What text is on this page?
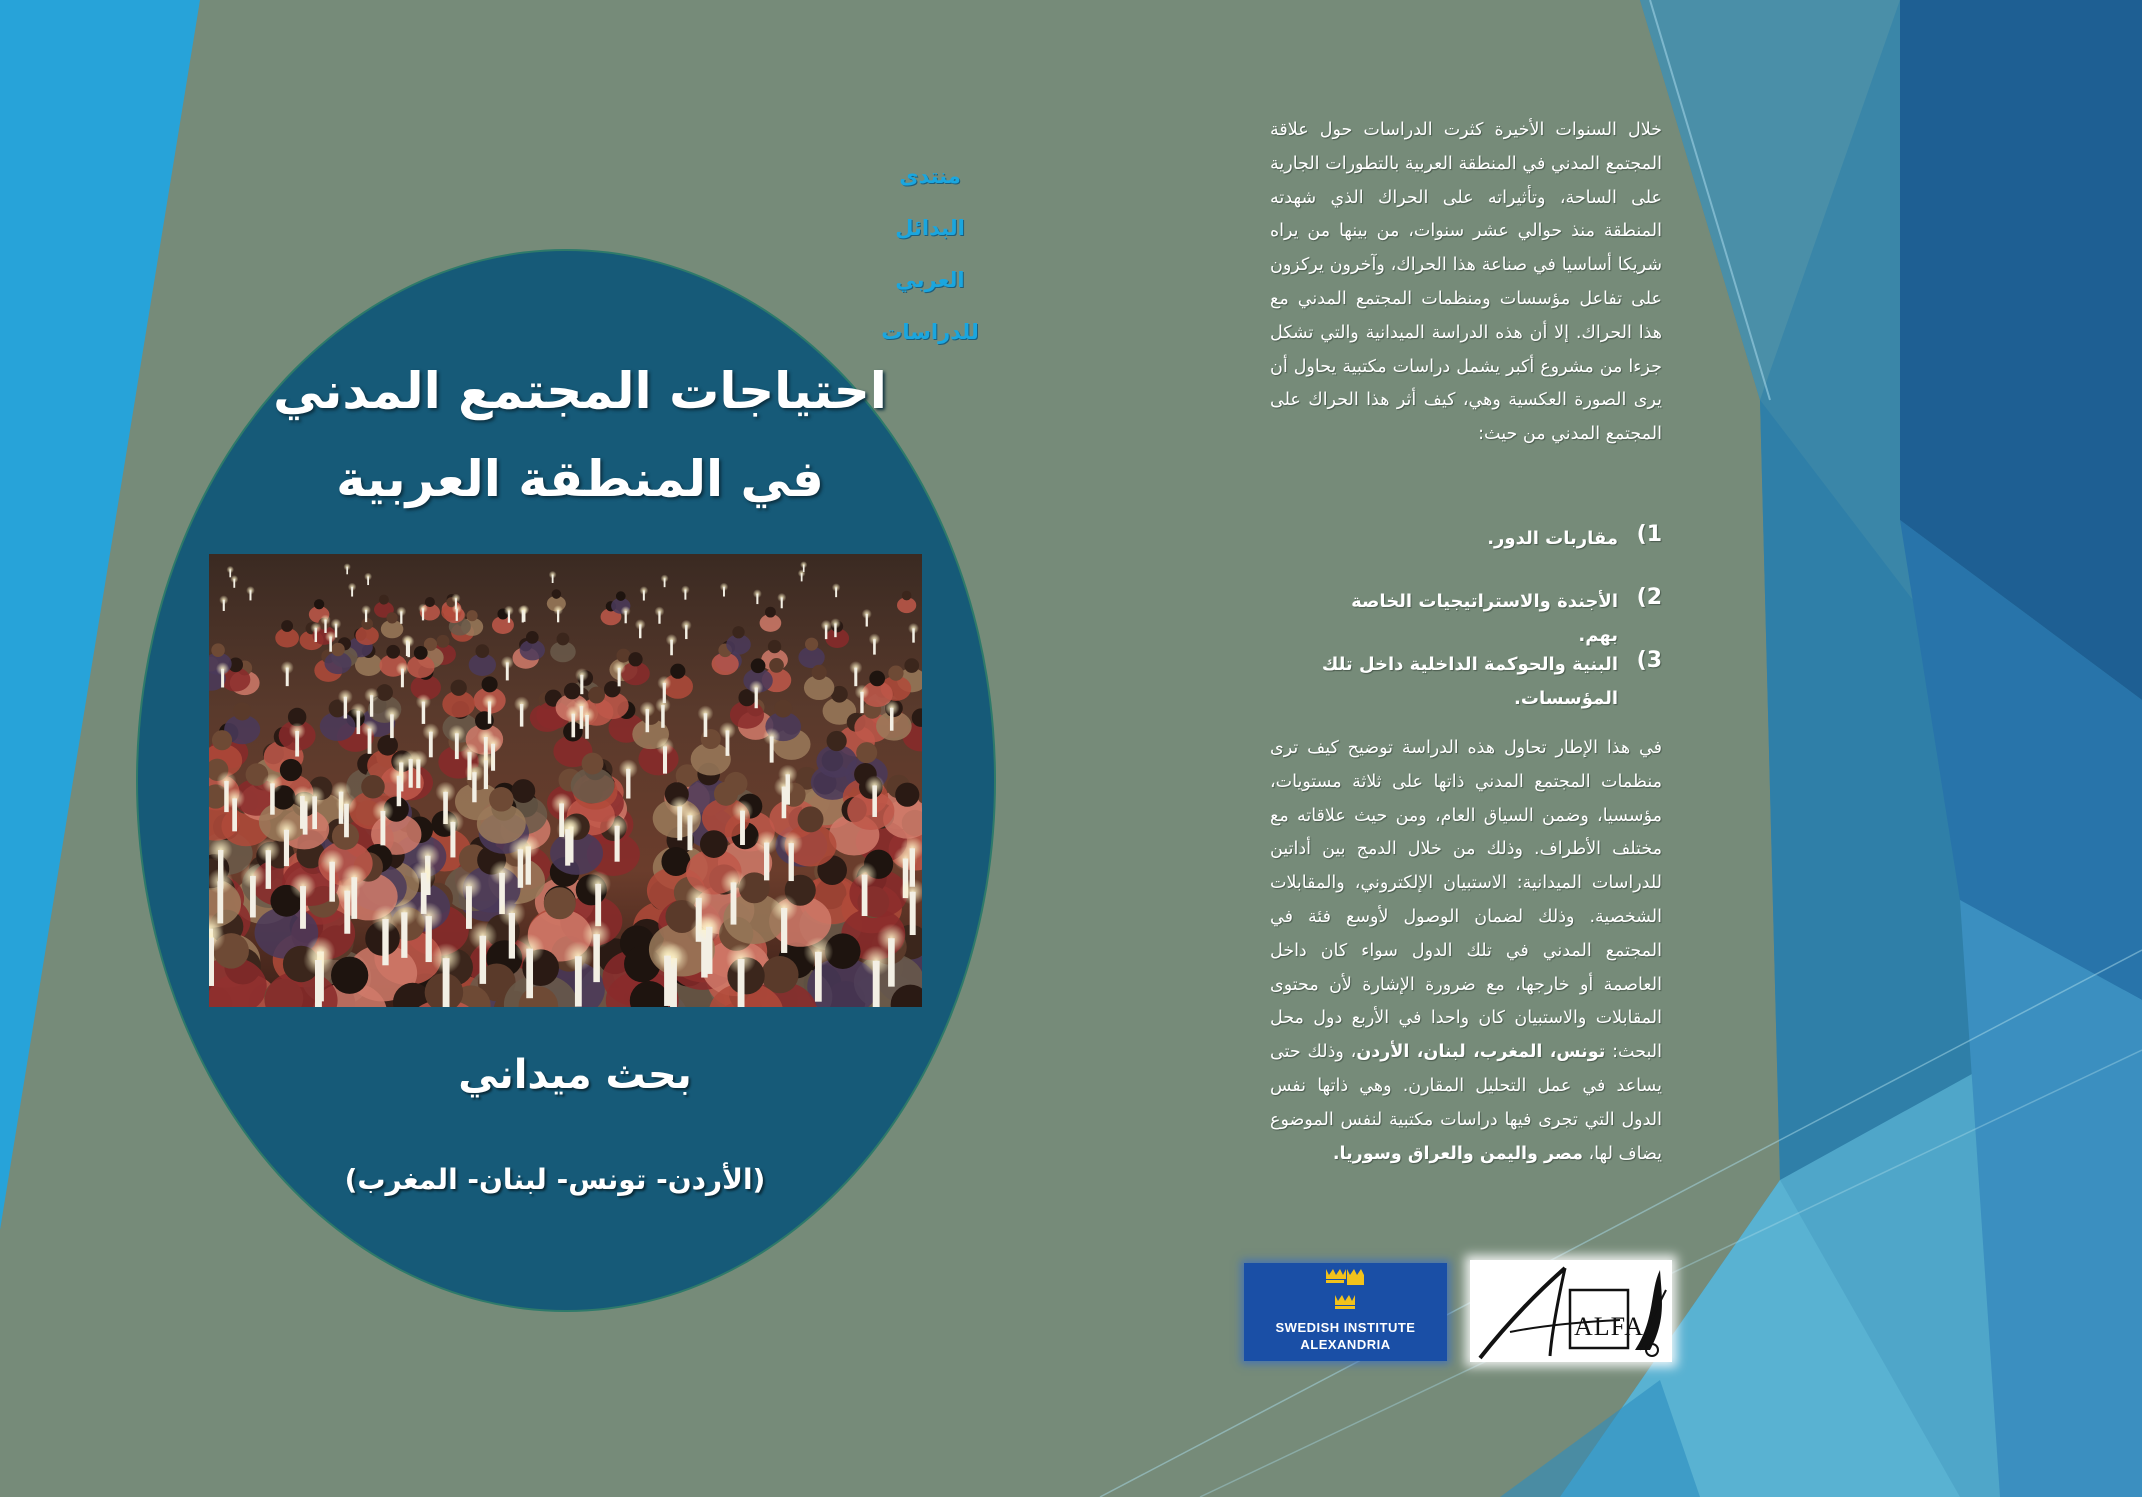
منتدى
البدائل
العربي
للدراسات
احتياجات المجتمع المدني
في المنطقة العربية
بحث ميداني
(الأردن- تونس- لبنان- المغرب)
خلال السنوات الأخيرة كثرت الدراسات حول علاقة المجتمع المدني في المنطقة العربية بالتطورات الجارية على الساحة، وتأثيراته على الحراك الذي شهدته المنطقة منذ حوالي عشر سنوات، من بينها من يراه شريكا أساسيا في صناعة هذا الحراك، وآخرون يركزون على تفاعل مؤسسات ومنظمات المجتمع المدني مع هذا الحراك. إلا أن هذه الدراسة الميدانية والتي تشكل جزءا من مشروع أكبر يشمل دراسات مكتبية يحاول أن يرى الصورة العكسية وهي، كيف أثر هذا الحراك على المجتمع المدني من حيث:
1)مقاربات الدور.
2)الأجندة والاستراتيجيات الخاصة بهم.
3)البنية والحوكمة الداخلية داخل تلك المؤسسات.
في هذا الإطار تحاول هذه الدراسة توضيح كيف ترى منظمات المجتمع المدني ذاتها على ثلاثة مستويات، مؤسسيا، وضمن السياق العام، ومن حيث علاقاته مع مختلف الأطراف. وذلك من خلال الدمج بين أداتين للدراسات الميدانية: الاستبيان الإلكتروني، والمقابلات الشخصية. وذلك لضمان الوصول لأوسع فئة في المجتمع المدني في تلك الدول سواء كان داخل العاصمة أو خارجها، مع ضرورة الإشارة لأن محتوى المقابلات والاستبيان كان واحدا في الأربع دول محل البحث: تونس، المغرب، لبنان، الأردن، وذلك حتى يساعد في عمل التحليل المقارن. وهي ذاتها نفس الدول التي تجرى فيها دراسات مكتبية لنفس الموضوع يضاف لها، مصر واليمن والعراق وسوريا.
SWEDISH INSTITUTE
ALEXANDRIA
ALFA
